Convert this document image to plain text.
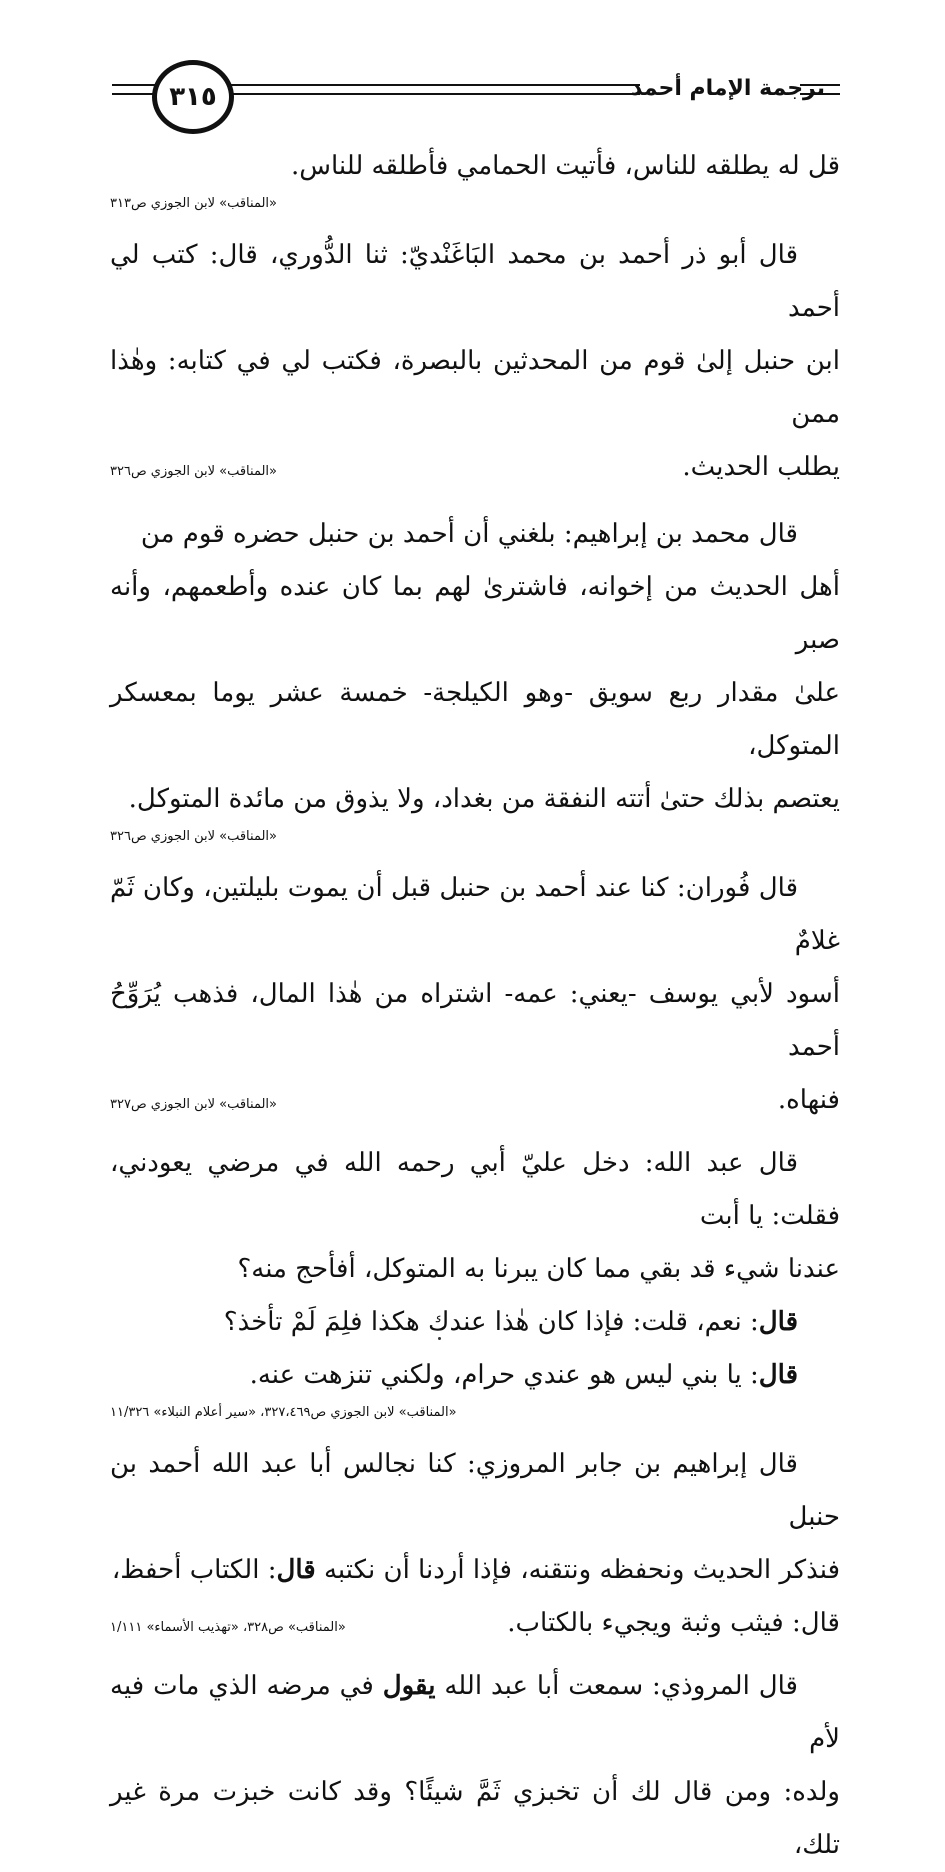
٣١٥	ترجمة الإمام أحمد

قل له يطلقه للناس، فأتيت الحمامي فأطلقه للناس.

«المناقب» لابن الجوزي ص٣١٣

قال أبو ذر أحمد بن محمد البَاغَنْديّ: ثنا الدُّوري، قال: كتب لي أحمد

ابن حنبل إلىٰ قوم من المحدثين بالبصرة، فكتب لي في كتابه: وهٰذا ممن

يطلب الحديث.
«المناقب» لابن الجوزي ص٣٢٦

قال محمد بن إبراهيم: بلغني أن أحمد بن حنبل حضره قوم من

أهل الحديث من إخوانه، فاشترىٰ لهم بما كان عنده وأطعمهم، وأنه صبر

علىٰ مقدار ربع سويق -وهو الكيلجة- خمسة عشر يوما بمعسكر المتوكل،

يعتصم بذلك حتىٰ أتته النفقة من بغداد، ولا يذوق من مائدة المتوكل.

«المناقب» لابن الجوزي ص٣٢٦

قال فُوران: كنا عند أحمد بن حنبل قبل أن يموت بليلتين، وكان ثَمّ غلامٌ

أسود لأبي يوسف -يعني: عمه- اشتراه من هٰذا المال، فذهب يُرَوِّحُ أحمد

فنهاه.
«المناقب» لابن الجوزي ص٣٢٧

قال عبد الله: دخل عليّ أبي رحمه الله في مرضي يعودني، فقلت: يا أبت

عندنا شيء قد بقي مما كان يبرنا به المتوكل، أفأحج منه؟

قال: نعم، قلت: فإذا كان هٰذا عندك هكذا فلِمَ لَمْ تأخذ؟

قال: يا بني ليس هو عندي حرام، ولكني تنزهت عنه.

«المناقب» لابن الجوزي ص٣٢٧،٤٦٩، «سير أعلام النبلاء» ١١/٣٢٦

قال إبراهيم بن جابر المروزي: كنا نجالس أبا عبد الله أحمد بن حنبل

فنذكر الحديث ونحفظه ونتقنه، فإذا أردنا أن نكتبه قال: الكتاب أحفظ،

قال: فيثب وثبة ويجيء بالكتاب.
«المناقب» ص٣٢٨، «تهذيب الأسماء» ١/١١١

قال المروذي: سمعت أبا عبد الله يقول في مرضه الذي مات فيه لأم

ولده: ومن قال لك أن تخبزي ثَمَّ شيئًا؟ وقد كانت خبزت مرة غير تلك،
